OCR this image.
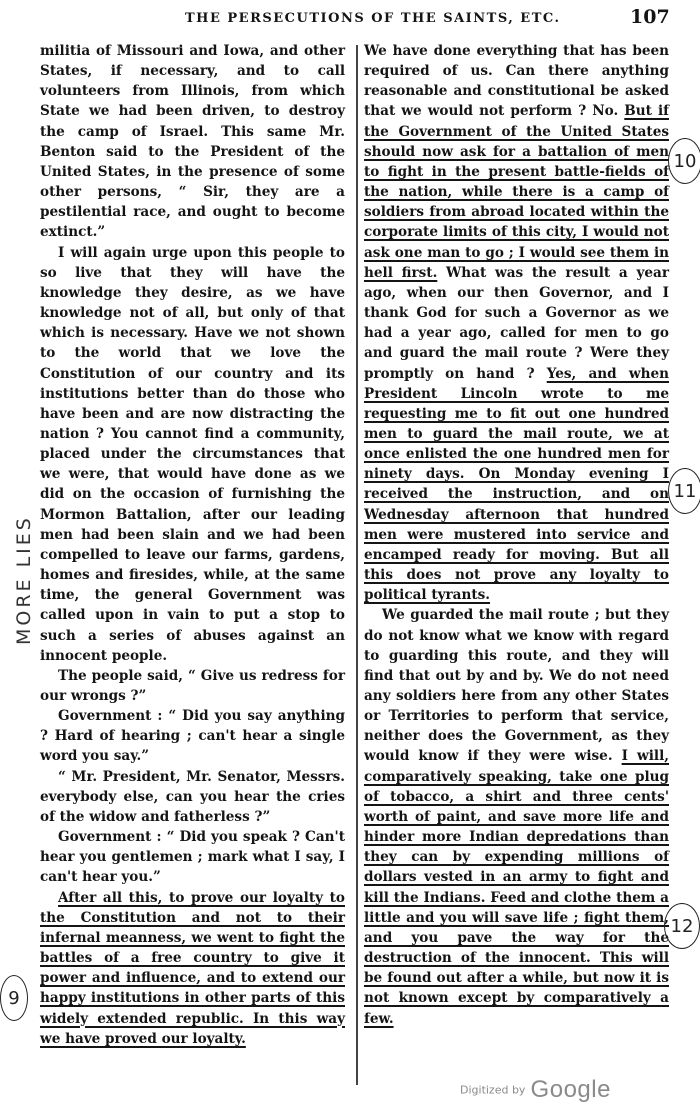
THE PERSECUTIONS OF THE SAINTS, ETC.	107

militia of Missouri and Iowa, and other States, if necessary, and to call volunteers from Illinois, from which State we had been driven, to destroy the camp of Israel. This same Mr. Benton said to the President of the United States, in the presence of some other persons, “ Sir, they are a pestilential race, and ought to become extinct.”

I will again urge upon this people to so live that they will have the knowledge they desire, as we have knowledge not of all, but only of that which is necessary. Have we not shown to the world that we love the Constitution of our country and its institutions better than do those who have been and are now distracting the nation ? You cannot find a community, placed under the circumstances that we were, that would have done as we did on the occasion of furnishing the Mormon Battalion, after our leading men had been slain and we had been compelled to leave our farms, gardens, homes and firesides, while, at the same time, the general Government was called upon in vain to put a stop to such a series of abuses against an innocent people.

The people said, “ Give us redress for our wrongs ?”

Government : “ Did you say anything ? Hard of hearing ; can't hear a single word you say.”

“ Mr. President, Mr. Senator, Messrs. everybody else, can you hear the cries of the widow and fatherless ?”

Government : “ Did you speak ? Can't hear you gentlemen ; mark what I say, I can't hear you.”

After all this, to prove our loyalty to the Constitution and not to their infernal meanness, we went to fight the battles of a free country to give it power and influence, and to extend our happy institutions in other parts of this widely extended republic. In this way we have proved our loyalty.

We have done everything that has been required of us. Can there anything reasonable and constitutional be asked that we would not perform ? No. But if the Government of the United States should now ask for a battalion of men to fight in the present battle-fields of the nation, while there is a camp of soldiers from abroad located within the corporate limits of this city, I would not ask one man to go ; I would see them in hell first. What was the result a year ago, when our then Governor, and I thank God for such a Governor as we had a year ago, called for men to go and guard the mail route ? Were they promptly on hand ? Yes, and when President Lincoln wrote to me requesting me to fit out one hundred men to guard the mail route, we at once enlisted the one hundred men for ninety days. On Monday evening I received the instruction, and on Wednesday afternoon that hundred men were mustered into service and encamped ready for moving. But all this does not prove any loyalty to political tyrants.

We guarded the mail route ; but they do not know what we know with regard to guarding this route, and they will find that out by and by. We do not need any soldiers here from any other States or Territories to perform that service, neither does the Government, as they would know if they were wise. I will, comparatively speaking, take one plug of tobacco, a shirt and three cents' worth of paint, and save more life and hinder more Indian depredations than they can by expending millions of dollars vested in an army to fight and kill the Indians. Feed and clothe them a little and you will save life ; fight them, and you pave the way for the destruction of the innocent. This will be found out after a while, but now it is not known except by comparatively a few.

MORE LIES
9
10
11
12
Digitized by Google
